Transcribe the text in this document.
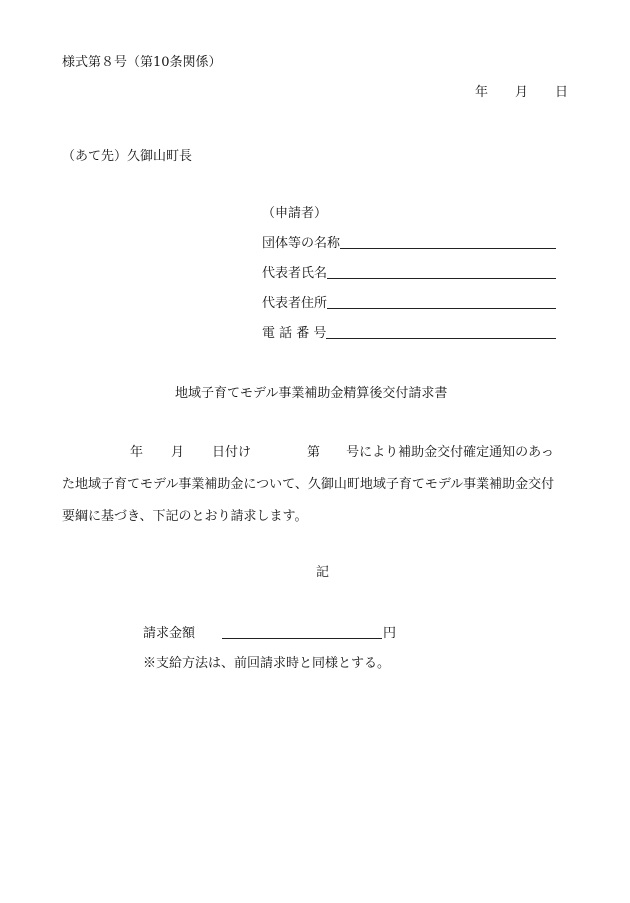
様式第８号（第10条関係）
年 月 日
（あて先）久御山町長
（申請者）
団体等の名称
代表者氏名
代表者住所
電 話 番 号
地域子育てモデル事業補助金精算後交付請求書
年 月 日付け	第 号により補助金交付確定通知のあっ
た地域子育てモデル事業補助金について、久御山町地域子育てモデル事業補助金交付
要綱に基づき、下記のとおり請求します。
記
請求金額	円
※支給方法は、前回請求時と同様とする。
